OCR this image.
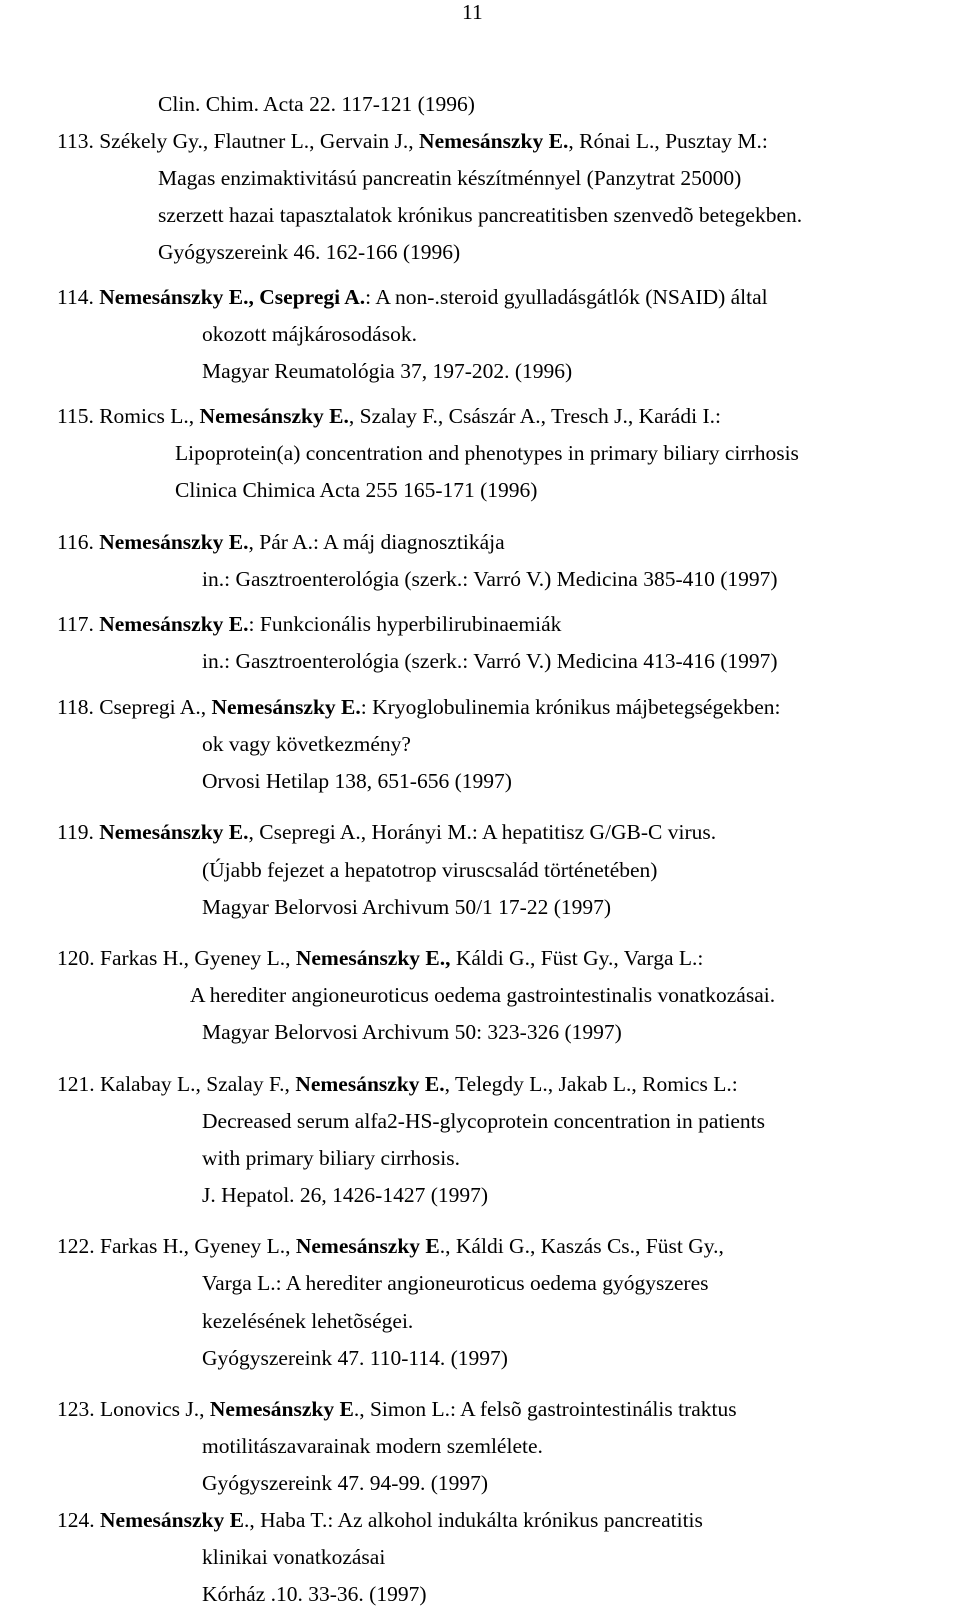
11
Clin. Chim. Acta 22. 117-121 (1996)
113. Székely Gy., Flautner L., Gervain J., Nemesánszky E., Rónai L., Pusztay M.:
Magas enzimaktivitású pancreatin készítménnyel (Panzytrat 25000)
szerzett hazai tapasztalatok krónikus pancreatitisben szenvedõ betegekben.
Gyógyszereink 46. 162-166 (1996)
114. Nemesánszky E., Csepregi A.: A non-.steroid gyulladásgátlók (NSAID) által
okozott májkárosodások.
Magyar Reumatológia 37, 197-202. (1996)
115. Romics L., Nemesánszky E., Szalay F., Császár A., Tresch J., Karádi I.:
Lipoprotein(a) concentration and phenotypes in primary biliary cirrhosis
Clinica Chimica Acta 255 165-171 (1996)
116. Nemesánszky E., Pár A.: A máj diagnosztikája
in.: Gasztroenterológia (szerk.: Varró V.) Medicina 385-410 (1997)
117. Nemesánszky E.: Funkcionális hyperbilirubinaemiák
in.: Gasztroenterológia (szerk.: Varró V.) Medicina 413-416 (1997)
118. Csepregi A., Nemesánszky E.: Kryoglobulinemia krónikus májbetegségekben:
ok vagy következmény?
Orvosi Hetilap 138, 651-656 (1997)
119. Nemesánszky E., Csepregi A., Horányi M.: A hepatitisz G/GB-C virus.
(Újabb fejezet a hepatotrop viruscsalád történetében)
Magyar Belorvosi Archivum 50/1 17-22 (1997)
120. Farkas H., Gyeney L., Nemesánszky E., Káldi G., Füst Gy., Varga L.:
A herediter angioneuroticus oedema gastrointestinalis vonatkozásai.
Magyar Belorvosi Archivum 50: 323-326 (1997)
121. Kalabay L., Szalay F., Nemesánszky E., Telegdy L., Jakab L., Romics L.:
Decreased serum alfa2-HS-glycoprotein concentration in patients
with primary biliary cirrhosis.
J. Hepatol. 26, 1426-1427 (1997)
122. Farkas H., Gyeney L., Nemesánszky E., Káldi G., Kaszás Cs., Füst Gy.,
Varga L.: A herediter angioneuroticus oedema gyógyszeres
kezelésének lehetõségei.
Gyógyszereink 47. 110-114. (1997)
123. Lonovics J., Nemesánszky E., Simon L.: A felsõ gastrointestinális traktus
motilitászavarainak modern szemlélete.
Gyógyszereink 47. 94-99. (1997)
124. Nemesánszky E., Haba T.: Az alkohol indukálta krónikus pancreatitis
klinikai vonatkozásai
Kórház .10. 33-36. (1997)
